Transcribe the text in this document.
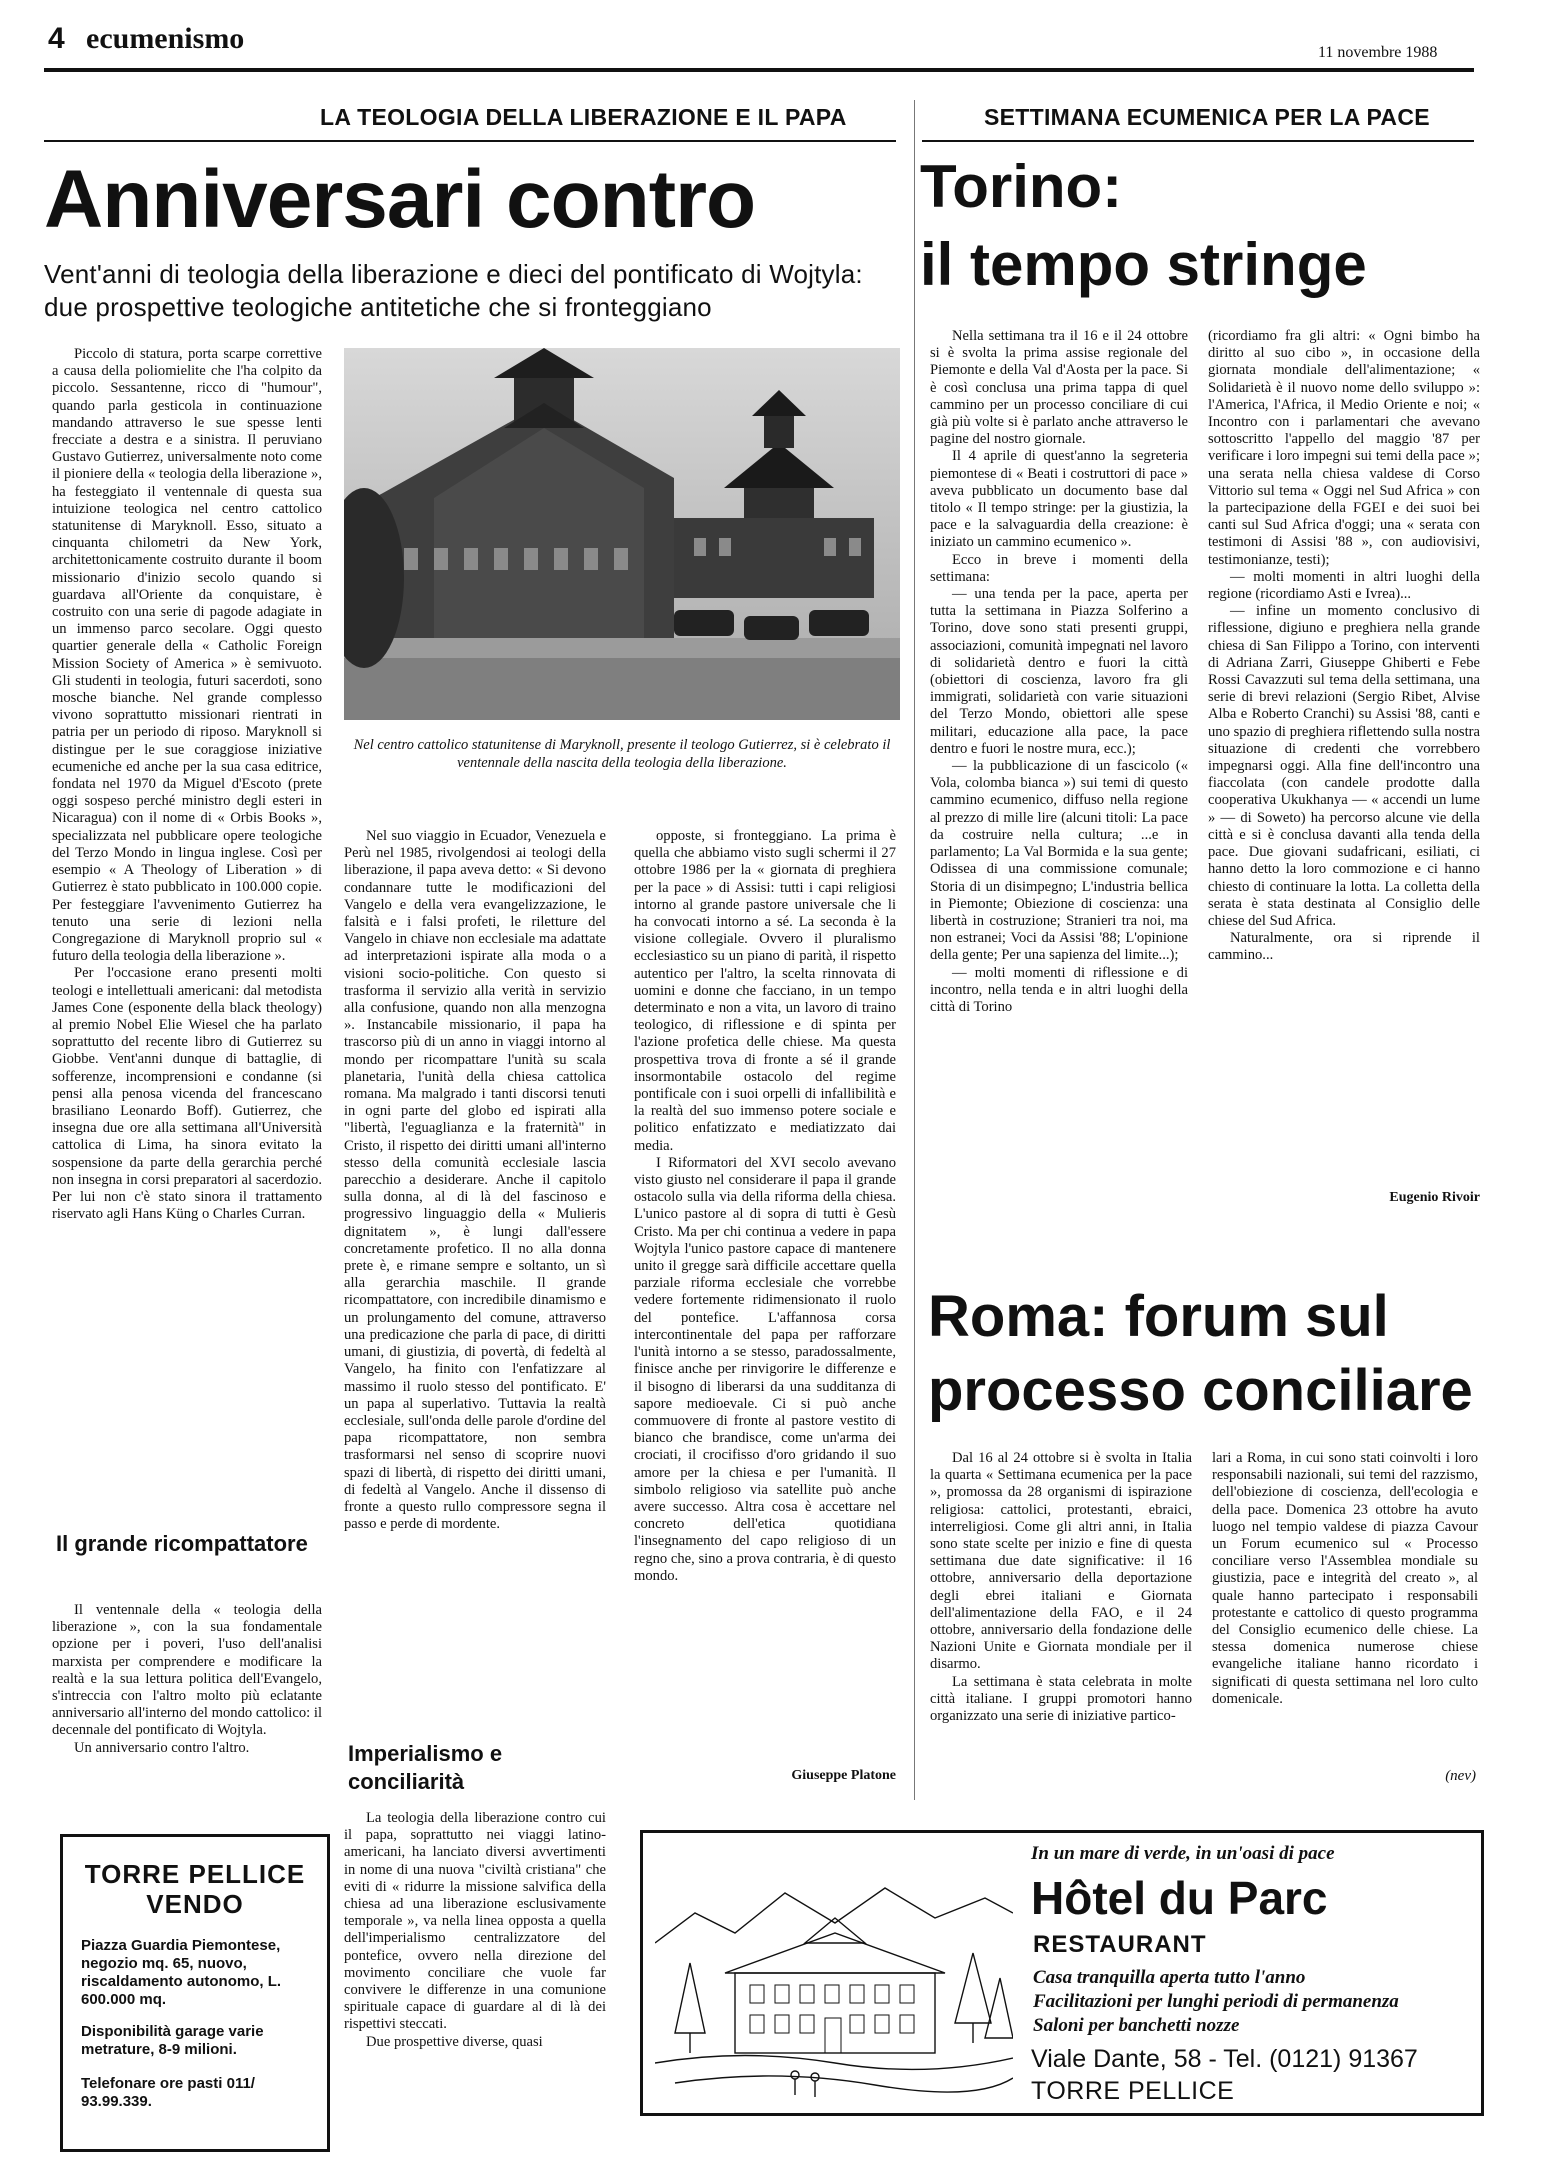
4 ecumenismo	11 novembre 1988
LA TEOLOGIA DELLA LIBERAZIONE E IL PAPA
Anniversari contro
Vent'anni di teologia della liberazione e dieci del pontificato di Wojtyla: due prospettive teologiche antitetiche che si fronteggiano
Nel centro cattolico statunitense di Maryknoll, presente il teologo Gutierrez, si è celebrato il ventennale della nascita della teologia della liberazione.

Piccolo di statura, porta scarpe correttive a causa della poliomielite che l'ha colpito da piccolo. Sessantenne, ricco di "humour", quando parla gesticola in continuazione mandando attraverso le sue spesse lenti frecciate a destra e a sinistra. Il peruviano Gustavo Gutierrez, universalmente noto come il pioniere della « teologia della liberazione », ha festeggiato il ventennale di questa sua intuizione teologica nel centro cattolico statunitense di Maryknoll. Esso, situato a cinquanta chilometri da New York, architettonicamente costruito durante il boom missionario d'inizio secolo quando si guardava all'Oriente da conquistare, è costruito con una serie di pagode adagiate in un immenso parco secolare. Oggi questo quartier generale della « Catholic Foreign Mission Society of America » è semivuoto. Gli studenti in teologia, futuri sacerdoti, sono mosche bianche. Nel grande complesso vivono soprattutto missionari rientrati in patria per un periodo di riposo. Maryknoll si distingue per le sue coraggiose iniziative ecumeniche ed anche per la sua casa editrice, fondata nel 1970 da Miguel d'Escoto (prete oggi sospeso perché ministro degli esteri in Nicaragua) con il nome di « Orbis Books », specializzata nel pubblicare opere teologiche del Terzo Mondo in lingua inglese. Così per esempio « A Theology of Liberation » di Gutierrez è stato pubblicato in 100.000 copie. Per festeggiare l'avvenimento Gutierrez ha tenuto una serie di lezioni nella Congregazione di Maryknoll proprio sul « futuro della teologia della liberazione ».

Per l'occasione erano presenti molti teologi e intellettuali americani: dal metodista James Cone (esponente della black theology) al premio Nobel Elie Wiesel che ha parlato soprattutto del recente libro di Gutierrez su Giobbe. Vent'anni dunque di battaglie, di sofferenze, incomprensioni e condanne (si pensi alla penosa vicenda del francescano brasiliano Leonardo Boff). Gutierrez, che insegna due ore alla settimana all'Università cattolica di Lima, ha sinora evitato la sospensione da parte della gerarchia perché non insegna in corsi preparatori al sacerdozio. Per lui non c'è stato sinora il trattamento riservato agli Hans Küng o Charles Curran.

Il grande ricompattatore

Il ventennale della « teologia della liberazione », con la sua fondamentale opzione per i poveri, l'uso dell'analisi marxista per comprendere e modificare la realtà e la sua lettura politica dell'Evangelo, s'intreccia con l'altro molto più eclatante anniversario all'interno del mondo cattolico: il decennale del pontificato di Wojtyla.

Un anniversario contro l'altro.

Nel suo viaggio in Ecuador, Venezuela e Perù nel 1985, rivolgendosi ai teologi della liberazione, il papa aveva detto: « Si devono condannare tutte le modificazioni del Vangelo e della vera evangelizzazione, le falsità e i falsi profeti, le riletture del Vangelo in chiave non ecclesiale ma adattate ad interpretazioni ispirate alla moda o a visioni socio-politiche. Con questo si trasforma il servizio alla verità in servizio alla confusione, quando non alla menzogna ». Instancabile missionario, il papa ha trascorso più di un anno in viaggi intorno al mondo per ricompattare l'unità su scala planetaria, l'unità della chiesa cattolica romana. Ma malgrado i tanti discorsi tenuti in ogni parte del globo ed ispirati alla "libertà, l'eguaglianza e la fraternità" in Cristo, il rispetto dei diritti umani all'interno stesso della comunità ecclesiale lascia parecchio a desiderare. Anche il capitolo sulla donna, al di là del fascinoso e progressivo linguaggio della « Mulieris dignitatem », è lungi dall'essere concretamente profetico. Il no alla donna prete è, e rimane sempre e soltanto, un sì alla gerarchia maschile. Il grande ricompattatore, con incredibile dinamismo e un prolungamento del comune, attraverso una predicazione che parla di pace, di diritti umani, di giustizia, di povertà, di fedeltà al Vangelo, ha finito con l'enfatizzare al massimo il ruolo stesso del pontificato. E' un papa al superlativo. Tuttavia la realtà ecclesiale, sull'onda delle parole d'ordine del papa ricompattatore, non sembra trasformarsi nel senso di scoprire nuovi spazi di libertà, di rispetto dei diritti umani, di fedeltà al Vangelo. Anche il dissenso di fronte a questo rullo compressore segna il passo e perde di mordente.

Imperialismo e conciliarità

La teologia della liberazione contro cui il papa, soprattutto nei viaggi latino-americani, ha lanciato diversi avvertimenti in nome di una nuova "civiltà cristiana" che eviti di « ridurre la missione salvifica della chiesa ad una liberazione esclusivamente temporale », va nella linea opposta a quella dell'imperialismo centralizzatore del pontefice, ovvero nella direzione del movimento conciliare che vuole far convivere le differenze in una comunione spirituale capace di guardare al di là dei rispettivi steccati.

Due prospettive diverse, quasi

opposte, si fronteggiano. La prima è quella che abbiamo visto sugli schermi il 27 ottobre 1986 per la « giornata di preghiera per la pace » di Assisi: tutti i capi religiosi intorno al grande pastore universale che li ha convocati intorno a sé. La seconda è la visione collegiale. Ovvero il pluralismo ecclesiastico su un piano di parità, il rispetto autentico per l'altro, la scelta rinnovata di uomini e donne che facciano, in un tempo determinato e non a vita, un lavoro di traino teologico, di riflessione e di spinta per l'azione profetica delle chiese. Ma questa prospettiva trova di fronte a sé il grande insormontabile ostacolo del regime pontificale con i suoi orpelli di infallibilità e la realtà del suo immenso potere sociale e politico enfatizzato e mediatizzato dai media.

I Riformatori del XVI secolo avevano visto giusto nel considerare il papa il grande ostacolo sulla via della riforma della chiesa. L'unico pastore al di sopra di tutti è Gesù Cristo. Ma per chi continua a vedere in papa Wojtyla l'unico pastore capace di mantenere unito il gregge sarà difficile accettare quella parziale riforma ecclesiale che vorrebbe vedere fortemente ridimensionato il ruolo del pontefice. L'affannosa corsa intercontinentale del papa per rafforzare l'unità intorno a se stesso, paradossalmente, finisce anche per rinvigorire le differenze e il bisogno di liberarsi da una sudditanza di sapore medioevale. Ci si può anche commuovere di fronte al pastore vestito di bianco che brandisce, come un'arma dei crociati, il crocifisso d'oro gridando il suo amore per la chiesa e per l'umanità. Il simbolo religioso via satellite può anche avere successo. Altra cosa è accettare nel concreto dell'etica quotidiana l'insegnamento del capo religioso di un regno che, sino a prova contraria, è di questo mondo.

Giuseppe Platone
SETTIMANA ECUMENICA PER LA PACE
Torino:
il tempo stringe

Nella settimana tra il 16 e il 24 ottobre si è svolta la prima assise regionale del Piemonte e della Val d'Aosta per la pace. Si è così conclusa una prima tappa di quel cammino per un processo conciliare di cui già più volte si è parlato anche attraverso le pagine del nostro giornale.

Il 4 aprile di quest'anno la segreteria piemontese di « Beati i costruttori di pace » aveva pubblicato un documento base dal titolo « Il tempo stringe: per la giustizia, la pace e la salvaguardia della creazione: è iniziato un cammino ecumenico ».

Ecco in breve i momenti della settimana:

— una tenda per la pace, aperta per tutta la settimana in Piazza Solferino a Torino, dove sono stati presenti gruppi, associazioni, comunità impegnati nel lavoro di solidarietà dentro e fuori la città (obiettori di coscienza, lavoro fra gli immigrati, solidarietà con varie situazioni del Terzo Mondo, obiettori alle spese militari, educazione alla pace, la pace dentro e fuori le nostre mura, ecc.);

— la pubblicazione di un fascicolo (« Vola, colomba bianca ») sui temi di questo cammino ecumenico, diffuso nella regione al prezzo di mille lire (alcuni titoli: La pace da costruire nella cultura; ...e in parlamento; La Val Bormida e la sua gente; Odissea di una commissione comunale; Storia di un disimpegno; L'industria bellica in Piemonte; Obiezione di coscienza: una libertà in costruzione; Stranieri tra noi, ma non estranei; Voci da Assisi '88; L'opinione della gente; Per una sapienza del limite...);

— molti momenti di riflessione e di incontro, nella tenda e in altri luoghi della città di Torino

(ricordiamo fra gli altri: « Ogni bimbo ha diritto al suo cibo », in occasione della giornata mondiale dell'alimentazione; « Solidarietà è il nuovo nome dello sviluppo »: l'America, l'Africa, il Medio Oriente e noi; « Incontro con i parlamentari che avevano sottoscritto l'appello del maggio '87 per verificare i loro impegni sui temi della pace »; una serata nella chiesa valdese di Corso Vittorio sul tema « Oggi nel Sud Africa » con la partecipazione della FGEI e dei suoi bei canti sul Sud Africa d'oggi; una « serata con testimoni di Assisi '88 », con audiovisivi, testimonianze, testi);

— molti momenti in altri luoghi della regione (ricordiamo Asti e Ivrea)...

— infine un momento conclusivo di riflessione, digiuno e preghiera nella grande chiesa di San Filippo a Torino, con interventi di Adriana Zarri, Giuseppe Ghiberti e Febe Rossi Cavazzuti sul tema della settimana, una serie di brevi relazioni (Sergio Ribet, Alvise Alba e Roberto Cranchi) su Assisi '88, canti e uno spazio di preghiera riflettendo sulla nostra situazione di credenti che vorrebbero impegnarsi oggi. Alla fine dell'incontro una fiaccolata (con candele prodotte dalla cooperativa Ukukhanya — « accendi un lume » — di Soweto) ha percorso alcune vie della città e si è conclusa davanti alla tenda della pace. Due giovani sudafricani, esiliati, ci hanno detto la loro commozione e ci hanno chiesto di continuare la lotta. La colletta della serata è stata destinata al Consiglio delle chiese del Sud Africa.

Naturalmente, ora si riprende il cammino...

Eugenio Rivoir
Roma: forum sul
processo conciliare

Dal 16 al 24 ottobre si è svolta in Italia la quarta « Settimana ecumenica per la pace », promossa da 28 organismi di ispirazione religiosa: cattolici, protestanti, ebraici, interreligiosi. Come gli altri anni, in Italia sono state scelte per inizio e fine di questa settimana due date significative: il 16 ottobre, anniversario della deportazione degli ebrei italiani e Giornata dell'alimentazione della FAO, e il 24 ottobre, anniversario della fondazione delle Nazioni Unite e Giornata mondiale per il disarmo.

La settimana è stata celebrata in molte città italiane. I gruppi promotori hanno organizzato una serie di iniziative partico-

lari a Roma, in cui sono stati coinvolti i loro responsabili nazionali, sui temi del razzismo, dell'obiezione di coscienza, dell'ecologia e della pace. Domenica 23 ottobre ha avuto luogo nel tempio valdese di piazza Cavour un Forum ecumenico sul « Processo conciliare verso l'Assemblea mondiale su giustizia, pace e integrità del creato », al quale hanno partecipato i responsabili protestante e cattolico di questo programma del Consiglio ecumenico delle chiese. La stessa domenica numerose chiese evangeliche italiane hanno ricordato i significati di questa settimana nel loro culto domenicale.

(nev)
TORRE PELLICE VENDO
Piazza Guardia Piemontese, negozio mq. 65, nuovo, riscaldamento autonomo, L. 600.000 mq.
Disponibilità garage varie metrature, 8-9 milioni.
Telefonare ore pasti 011/ 93.99.339.
In un mare di verde, in un'oasi di pace
Hôtel du Parc
RESTAURANT
Casa tranquilla aperta tutto l'anno
Facilitazioni per lunghi periodi di permanenza
Saloni per banchetti nozze
Viale Dante, 58 - Tel. (0121) 91367
TORRE PELLICE
